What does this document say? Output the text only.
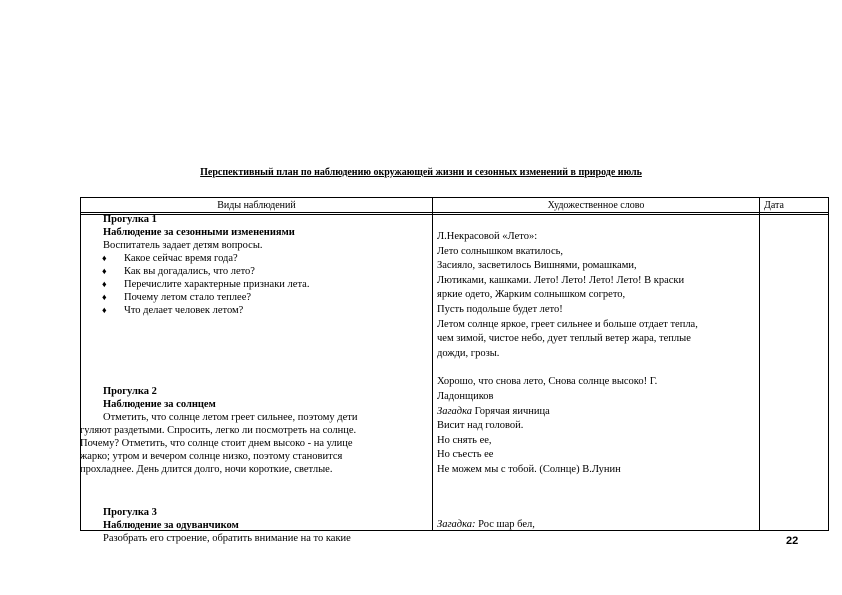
Перспективный план по наблюдению окружающей жизни и сезонных изменений в природе июль
Виды наблюдений	Художественное слово	Дата
Прогулка 1
Наблюдение за сезонными изменениями
Воспитатель задает детям вопросы.
♦ Какое сейчас время года?
♦ Как вы догадались, что лето?
♦ Перечислите характерные признаки лета.
♦ Почему летом стало теплее?
♦ Что делает человек летом?
Прогулка 2
Наблюдение за солнцем
Отметить, что солнце летом греет сильнее, поэтому дети
гуляют раздетыми. Спросить, легко ли посмотреть на солнце.
Почему? Отметить, что солнце стоит днем высоко - на улице
жарко; утром и вечером солнце низко, поэтому становится
прохладнее. День длится долго, ночи короткие, светлые.
Прогулка 3
Наблюдение за одуванчиком
Разобрать его строение, обратить внимание на то какие
Л.Некрасовой «Лето»:
Лето солнышком вкатилось,
Засияло, засветилось Вишнями, ромашками,
Лютиками, кашками. Лето! Лето! Лето! Лето! В краски
яркие одето, Жарким солнышком согрето,
Пусть подольше будет лето!
Летом солнце яркое, греет сильнее и больше отдает тепла,
чем зимой, чистое небо, дует теплый ветер жара, теплые
дожди, грозы.
Хорошо, что снова лето, Снова солнце высоко! Г.
Ладонщиков
Загадка Горячая яичница
Висит над головой.
Но снять ее,
Но съесть ее
Не можем мы с тобой. (Солнце) В.Лунин
Загадка: Рос шар бел,
22
